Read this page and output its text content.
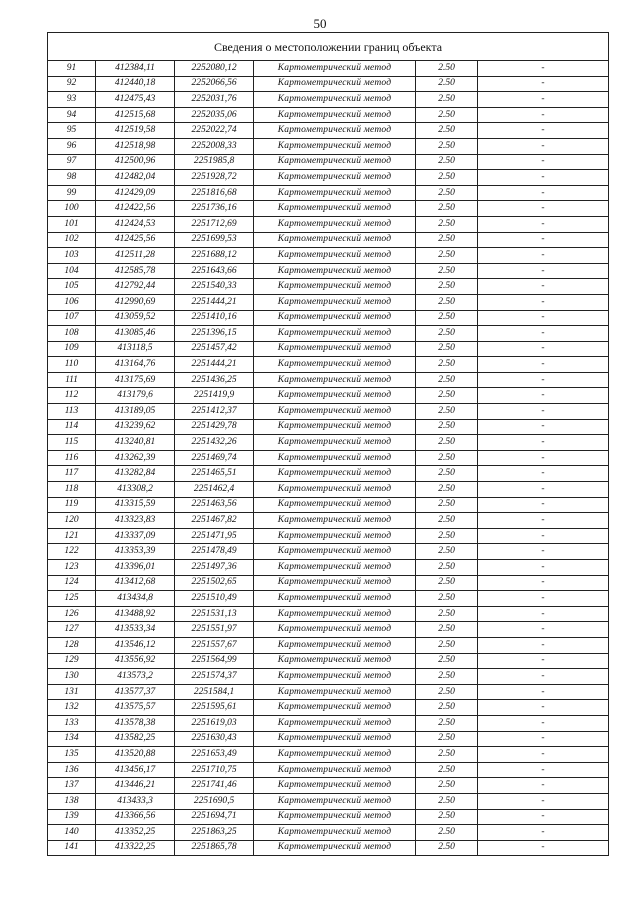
50
Сведения о местоположении границ объекта
91	412384,11	2252080,12	Картометрический метод	2.50	-
92	412440,18	2252066,56	Картометрический метод	2.50	-
93	412475,43	2252031,76	Картометрический метод	2.50	-
94	412515,68	2252035,06	Картометрический метод	2.50	-
95	412519,58	2252022,74	Картометрический метод	2.50	-
96	412518,98	2252008,33	Картометрический метод	2.50	-
97	412500,96	2251985,8	Картометрический метод	2.50	-
98	412482,04	2251928,72	Картометрический метод	2.50	-
99	412429,09	2251816,68	Картометрический метод	2.50	-
100	412422,56	2251736,16	Картометрический метод	2.50	-
101	412424,53	2251712,69	Картометрический метод	2.50	-
102	412425,56	2251699,53	Картометрический метод	2.50	-
103	412511,28	2251688,12	Картометрический метод	2.50	-
104	412585,78	2251643,66	Картометрический метод	2.50	-
105	412792,44	2251540,33	Картометрический метод	2.50	-
106	412990,69	2251444,21	Картометрический метод	2.50	-
107	413059,52	2251410,16	Картометрический метод	2.50	-
108	413085,46	2251396,15	Картометрический метод	2.50	-
109	413118,5	2251457,42	Картометрический метод	2.50	-
110	413164,76	2251444,21	Картометрический метод	2.50	-
111	413175,69	2251436,25	Картометрический метод	2.50	-
112	413179,6	2251419,9	Картометрический метод	2.50	-
113	413189,05	2251412,37	Картометрический метод	2.50	-
114	413239,62	2251429,78	Картометрический метод	2.50	-
115	413240,81	2251432,26	Картометрический метод	2.50	-
116	413262,39	2251469,74	Картометрический метод	2.50	-
117	413282,84	2251465,51	Картометрический метод	2.50	-
118	413308,2	2251462,4	Картометрический метод	2.50	-
119	413315,59	2251463,56	Картометрический метод	2.50	-
120	413323,83	2251467,82	Картометрический метод	2.50	-
121	413337,09	2251471,95	Картометрический метод	2.50	-
122	413353,39	2251478,49	Картометрический метод	2.50	-
123	413396,01	2251497,36	Картометрический метод	2.50	-
124	413412,68	2251502,65	Картометрический метод	2.50	-
125	413434,8	2251510,49	Картометрический метод	2.50	-
126	413488,92	2251531,13	Картометрический метод	2.50	-
127	413533,34	2251551,97	Картометрический метод	2.50	-
128	413546,12	2251557,67	Картометрический метод	2.50	-
129	413556,92	2251564,99	Картометрический метод	2.50	-
130	413573,2	2251574,37	Картометрический метод	2.50	-
131	413577,37	2251584,1	Картометрический метод	2.50	-
132	413575,57	2251595,61	Картометрический метод	2.50	-
133	413578,38	2251619,03	Картометрический метод	2.50	-
134	413582,25	2251630,43	Картометрический метод	2.50	-
135	413520,88	2251653,49	Картометрический метод	2.50	-
136	413456,17	2251710,75	Картометрический метод	2.50	-
137	413446,21	2251741,46	Картометрический метод	2.50	-
138	413433,3	2251690,5	Картометрический метод	2.50	-
139	413366,56	2251694,71	Картометрический метод	2.50	-
140	413352,25	2251863,25	Картометрический метод	2.50	-
141	413322,25	2251865,78	Картометрический метод	2.50	-
